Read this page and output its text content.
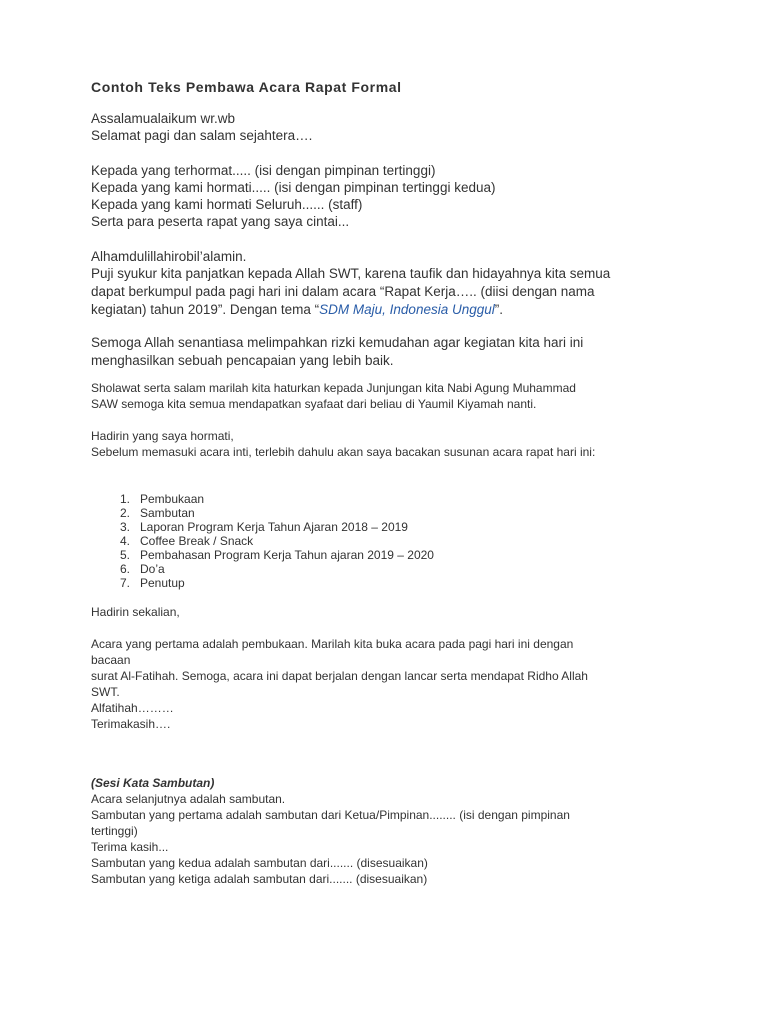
Contoh Teks Pembawa Acara Rapat Formal
Assalamualaikum wr.wb
Selamat pagi dan salam sejahtera….
Kepada yang terhormat..... (isi dengan pimpinan tertinggi)
Kepada yang kami hormati..... (isi dengan pimpinan tertinggi kedua)
Kepada yang kami hormati Seluruh...... (staff)
Serta para peserta rapat yang saya cintai...
Alhamdulillahirobil’alamin.
Puji syukur kita panjatkan kepada Allah SWT, karena taufik dan hidayahnya kita semua
dapat berkumpul pada pagi hari ini dalam acara “Rapat Kerja….. (diisi dengan nama
kegiatan) tahun 2019”. Dengan tema “SDM Maju, Indonesia Unggul”.
Semoga Allah senantiasa melimpahkan rizki kemudahan agar kegiatan kita hari ini
menghasilkan sebuah pencapaian yang lebih baik.
Sholawat serta salam marilah kita haturkan kepada Junjungan kita Nabi Agung Muhammad
SAW semoga kita semua mendapatkan syafaat dari beliau di Yaumil Kiyamah nanti.
Hadirin yang saya hormati,
Sebelum memasuki acara inti, terlebih dahulu akan saya bacakan susunan acara rapat hari ini:
1. Pembukaan
2. Sambutan
3. Laporan Program Kerja Tahun Ajaran 2018 – 2019
4. Coffee Break / Snack
5. Pembahasan Program Kerja Tahun ajaran 2019 – 2020
6. Do’a
7. Penutup
Hadirin sekalian,
Acara yang pertama adalah pembukaan. Marilah kita buka acara pada pagi hari ini dengan
bacaan
surat Al-Fatihah. Semoga, acara ini dapat berjalan dengan lancar serta mendapat Ridho Allah
SWT.
Alfatihah………
Terimakasih….
(Sesi Kata Sambutan)
Acara selanjutnya adalah sambutan.
Sambutan yang pertama adalah sambutan dari Ketua/Pimpinan........ (isi dengan pimpinan
tertinggi)
Terima kasih...
Sambutan yang kedua adalah sambutan dari....... (disesuaikan)
Sambutan yang ketiga adalah sambutan dari....... (disesuaikan)
